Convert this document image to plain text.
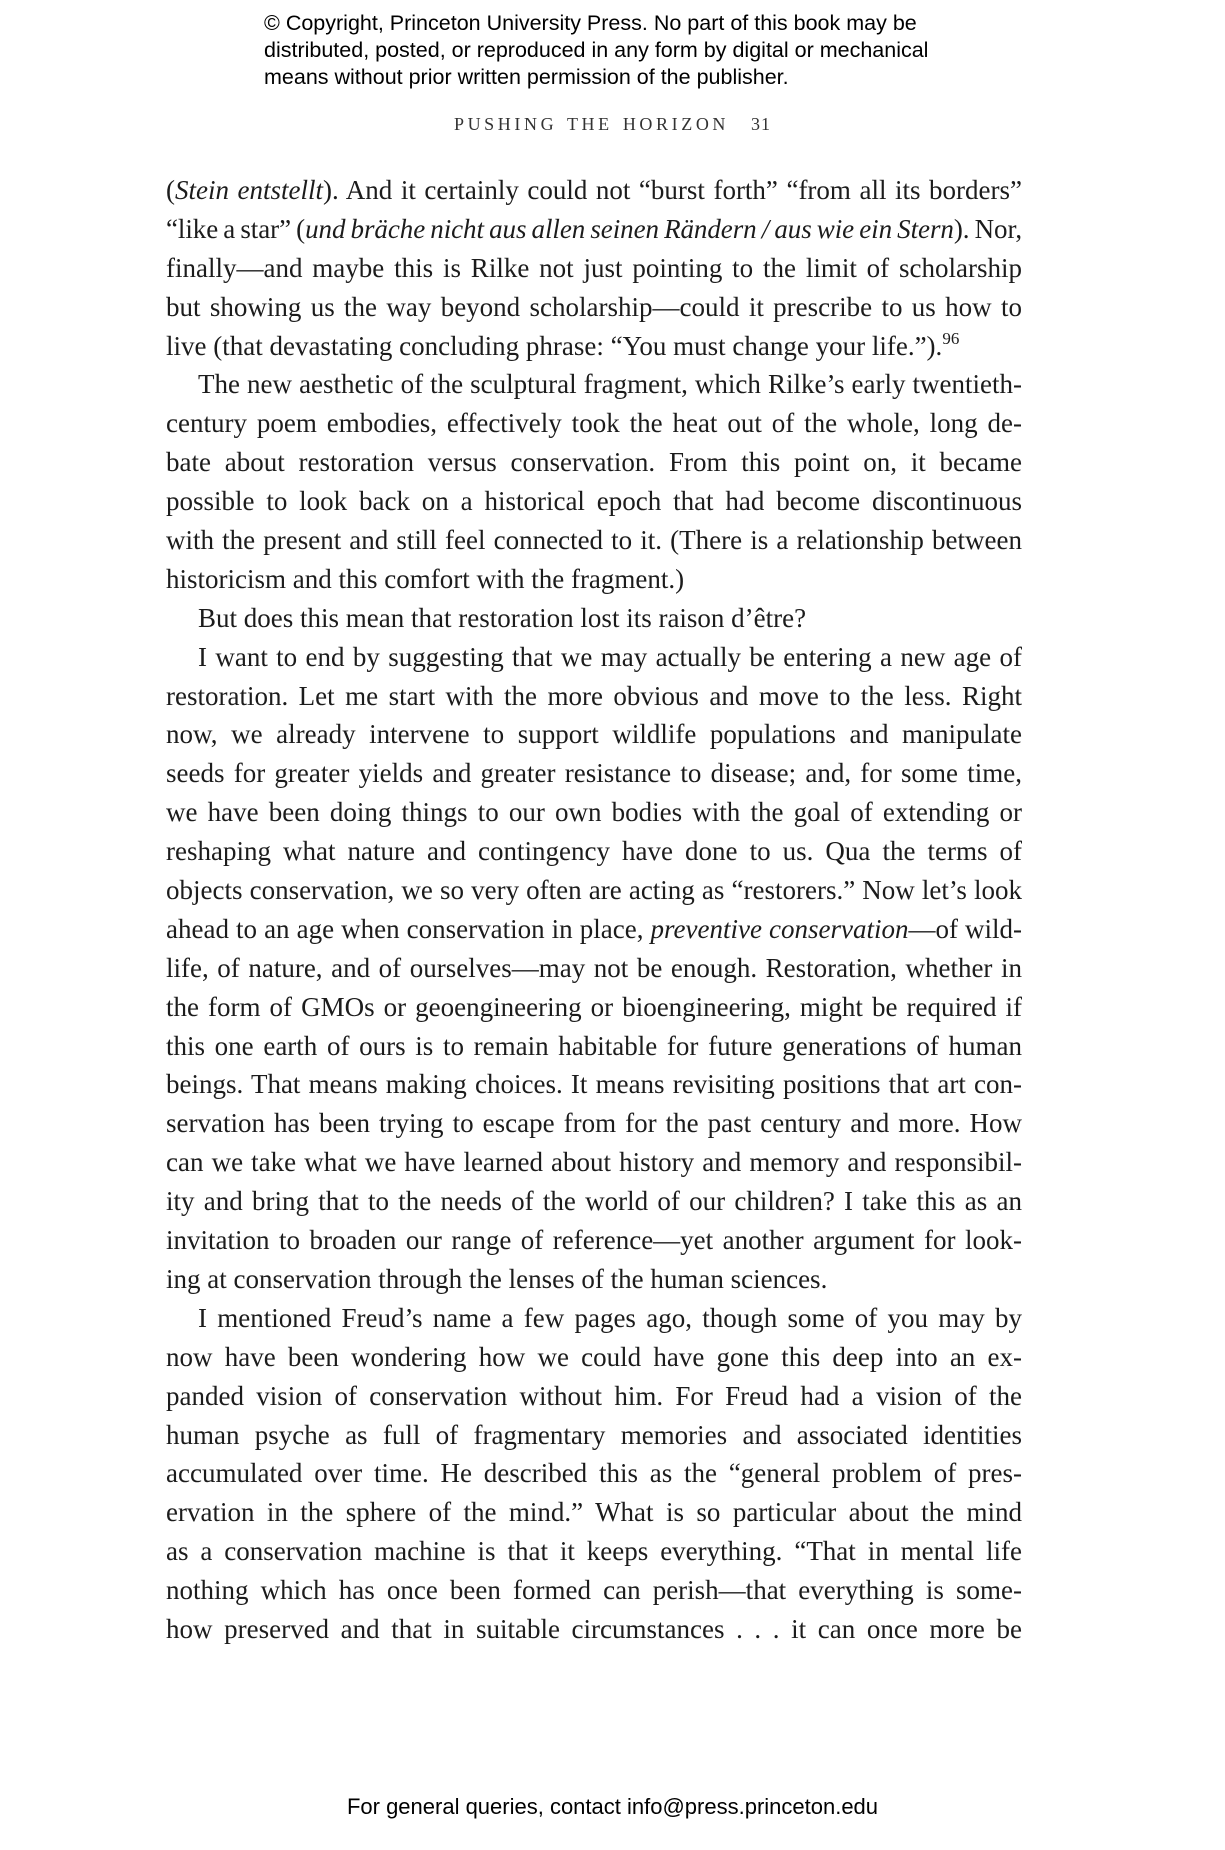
© Copyright, Princeton University Press. No part of this book may be
distributed, posted, or reproduced in any form by digital or mechanical
means without prior written permission of the publisher.
PUSHING THE HORIZON 31
(Stein entstellt). And it certainly could not “burst forth” “from all its borders”
“like a star” (und bräche nicht aus allen seinen Rändern / aus wie ein Stern). Nor,
finally—and maybe this is Rilke not just pointing to the limit of scholarship
but showing us the way beyond scholarship—could it prescribe to us how to
live (that devastating concluding phrase: “You must change your life.”).$^{96}$
The new aesthetic of the sculptural fragment, which Rilke’s early twentieth-
century poem embodies, effectively took the heat out of the whole, long de-
bate about restoration versus conservation. From this point on, it became
possible to look back on a historical epoch that had become discontinuous
with the present and still feel connected to it. (There is a relationship between
historicism and this comfort with the fragment.)
But does this mean that restoration lost its raison d’être?
I want to end by suggesting that we may actually be entering a new age of
restoration. Let me start with the more obvious and move to the less. Right
now, we already intervene to support wildlife populations and manipulate
seeds for greater yields and greater resistance to disease; and, for some time,
we have been doing things to our own bodies with the goal of extending or
reshaping what nature and contingency have done to us. Qua the terms of
objects conservation, we so very often are acting as “restorers.” Now let’s look
ahead to an age when conservation in place, preventive conservation—of wild-
life, of nature, and of ourselves—may not be enough. Restoration, whether in
the form of GMOs or geoengineering or bioengineering, might be required if
this one earth of ours is to remain habitable for future generations of human
beings. That means making choices. It means revisiting positions that art con-
servation has been trying to escape from for the past century and more. How
can we take what we have learned about history and memory and responsibil-
ity and bring that to the needs of the world of our children? I take this as an
invitation to broaden our range of reference—yet another argument for look-
ing at conservation through the lenses of the human sciences.
I mentioned Freud’s name a few pages ago, though some of you may by
now have been wondering how we could have gone this deep into an ex-
panded vision of conservation without him. For Freud had a vision of the
human psyche as full of fragmentary memories and associated identities
accumulated over time. He described this as the “general problem of pres-
ervation in the sphere of the mind.” What is so particular about the mind
as a conservation machine is that it keeps everything. “That in mental life
nothing which has once been formed can perish—that everything is some-
how preserved and that in suitable circumstances . . . it can once more be
For general queries, contact info@press.princeton.edu
